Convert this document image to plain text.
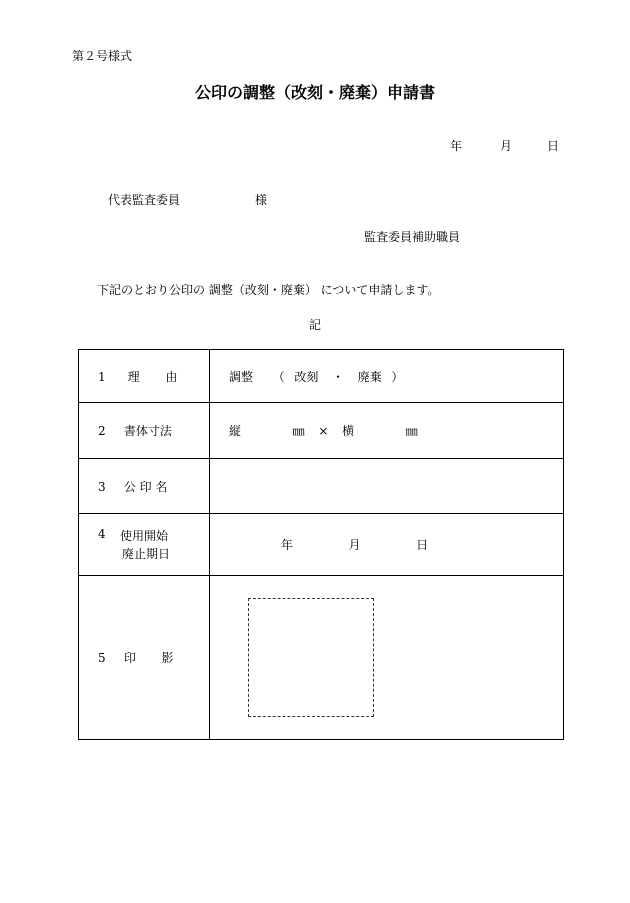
第２号様式
公印の調整（改刻・廃棄）申請書
年	月	日
代表監査委員	様
監査委員補助職員
下記のとおり公印の 調整（改刻・廃棄） について申請します。
記
1 理 由	調整 （ 改刻 ・ 廃棄 ）
2 書体寸法	縦 ㎜ × 横 ㎜
3 公 印 名	
4 使用開始
廃止期日	年 月 日
5 印 影	
